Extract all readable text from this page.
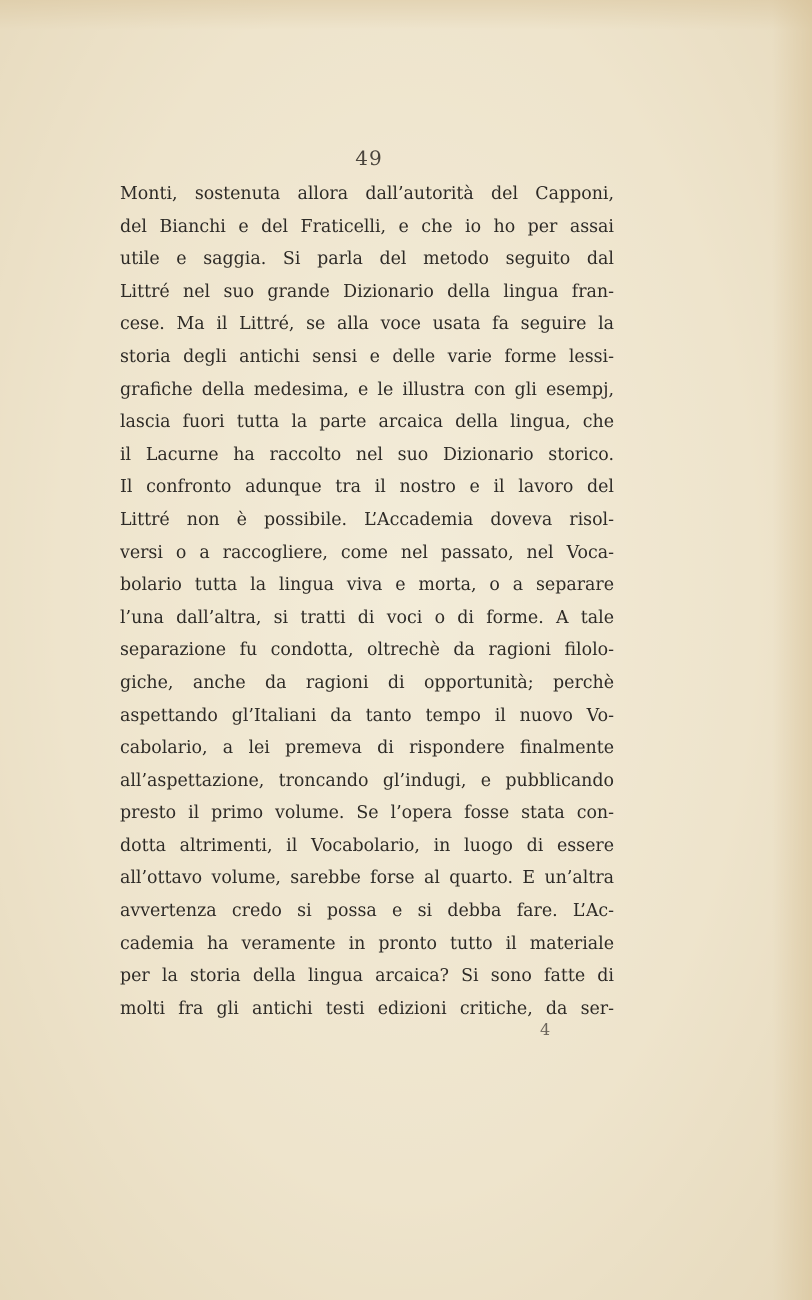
49
Monti, sostenuta allora dall’autorità del Capponi,
del Bianchi e del Fraticelli, e che io ho per assai
utile e saggia. Si parla del metodo seguito dal
Littré nel suo grande Dizionario della lingua fran-
cese. Ma il Littré, se alla voce usata fa seguire la
storia degli antichi sensi e delle varie forme lessi-
grafiche della medesima, e le illustra con gli esempj,
lascia fuori tutta la parte arcaica della lingua, che
il Lacurne ha raccolto nel suo Dizionario storico.
Il confronto adunque tra il nostro e il lavoro del
Littré non è possibile. L’Accademia doveva risol-
versi o a raccogliere, come nel passato, nel Voca-
bolario tutta la lingua viva e morta, o a separare
l’una dall’altra, si tratti di voci o di forme. A tale
separazione fu condotta, oltrechè da ragioni filolo-
giche, anche da ragioni di opportunità; perchè
aspettando gl’Italiani da tanto tempo il nuovo Vo-
cabolario, a lei premeva di rispondere finalmente
all’aspettazione, troncando gl’indugi, e pubblicando
presto il primo volume. Se l’opera fosse stata con-
dotta altrimenti, il Vocabolario, in luogo di essere
all’ottavo volume, sarebbe forse al quarto. E un’altra
avvertenza credo si possa e si debba fare. L’Ac-
cademia ha veramente in pronto tutto il materiale
per la storia della lingua arcaica? Si sono fatte di
molti fra gli antichi testi edizioni critiche, da ser-
4
